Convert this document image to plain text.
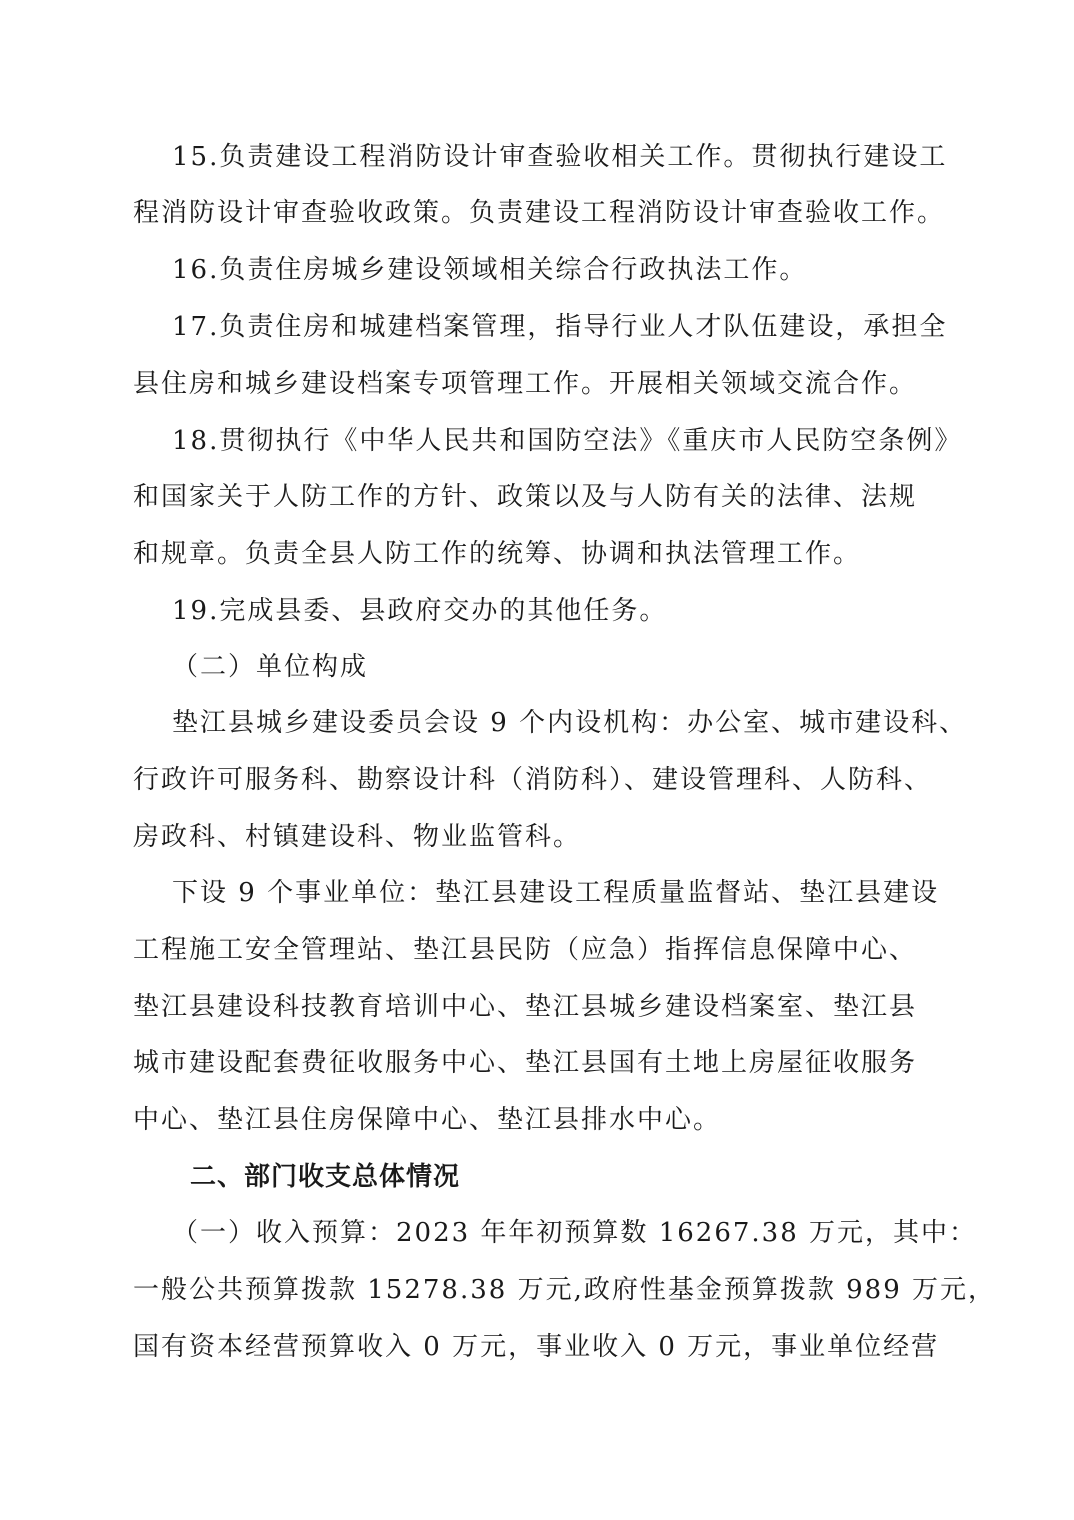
15.负责建设工程消防设计审查验收相关工作。贯彻执行建设工
程消防设计审查验收政策。负责建设工程消防设计审查验收工作。
16.负责住房城乡建设领域相关综合行政执法工作。
17.负责住房和城建档案管理，指导行业人才队伍建设，承担全
县住房和城乡建设档案专项管理工作。开展相关领域交流合作。
18.贯彻执行《中华人民共和国防空法》《重庆市人民防空条例》
和国家关于人防工作的方针、政策以及与人防有关的法律、法规
和规章。负责全县人防工作的统筹、协调和执法管理工作。
19.完成县委、县政府交办的其他任务。
（二）单位构成
垫江县城乡建设委员会设 9 个内设机构：办公室、城市建设科、
行政许可服务科、勘察设计科（消防科）、建设管理科、人防科、
房政科、村镇建设科、物业监管科。
下设 9 个事业单位：垫江县建设工程质量监督站、垫江县建设
工程施工安全管理站、垫江县民防（应急）指挥信息保障中心、
垫江县建设科技教育培训中心、垫江县城乡建设档案室、垫江县
城市建设配套费征收服务中心、垫江县国有土地上房屋征收服务
中心、垫江县住房保障中心、垫江县排水中心。
二、部门收支总体情况
（一）收入预算：2023 年年初预算数 16267.38 万元，其中：
一般公共预算拨款 15278.38 万元,政府性基金预算拨款 989 万元，
国有资本经营预算收入 0 万元，事业收入 0 万元，事业单位经营
